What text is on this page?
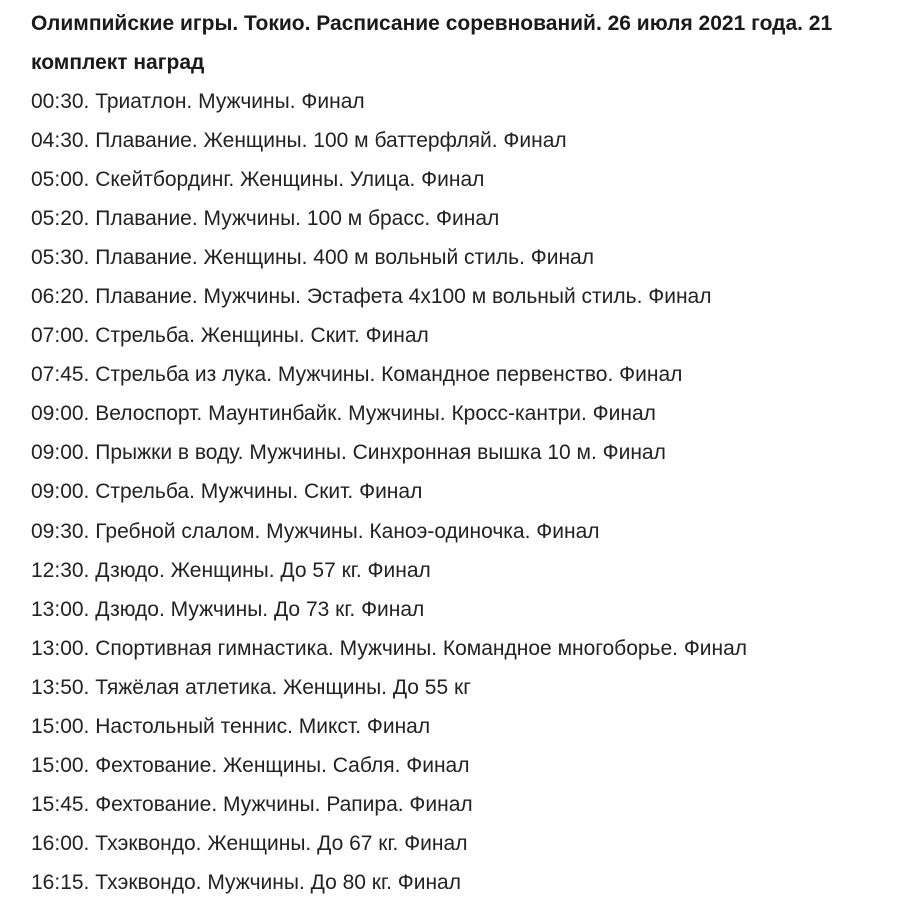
Олимпийские игры. Токио. Расписание соревнований. 26 июля 2021 года. 21
комплект наград
00:30. Триатлон. Мужчины. Финал
04:30. Плавание. Женщины. 100 м баттерфляй. Финал
05:00. Скейтбординг. Женщины. Улица. Финал
05:20. Плавание. Мужчины. 100 м брасс. Финал
05:30. Плавание. Женщины. 400 м вольный стиль. Финал
06:20. Плавание. Мужчины. Эстафета 4х100 м вольный стиль. Финал
07:00. Стрельба. Женщины. Скит. Финал
07:45. Стрельба из лука. Мужчины. Командное первенство. Финал
09:00. Велоспорт. Маунтинбайк. Мужчины. Кросс-кантри. Финал
09:00. Прыжки в воду. Мужчины. Синхронная вышка 10 м. Финал
09:00. Стрельба. Мужчины. Скит. Финал
09:30. Гребной слалом. Мужчины. Каноэ-одиночка. Финал
12:30. Дзюдо. Женщины. До 57 кг. Финал
13:00. Дзюдо. Мужчины. До 73 кг. Финал
13:00. Спортивная гимнастика. Мужчины. Командное многоборье. Финал
13:50. Тяжёлая атлетика. Женщины. До 55 кг
15:00. Настольный теннис. Микст. Финал
15:00. Фехтование. Женщины. Сабля. Финал
15:45. Фехтование. Мужчины. Рапира. Финал
16:00. Тхэквондо. Женщины. До 67 кг. Финал
16:15. Тхэквондо. Мужчины. До 80 кг. Финал
